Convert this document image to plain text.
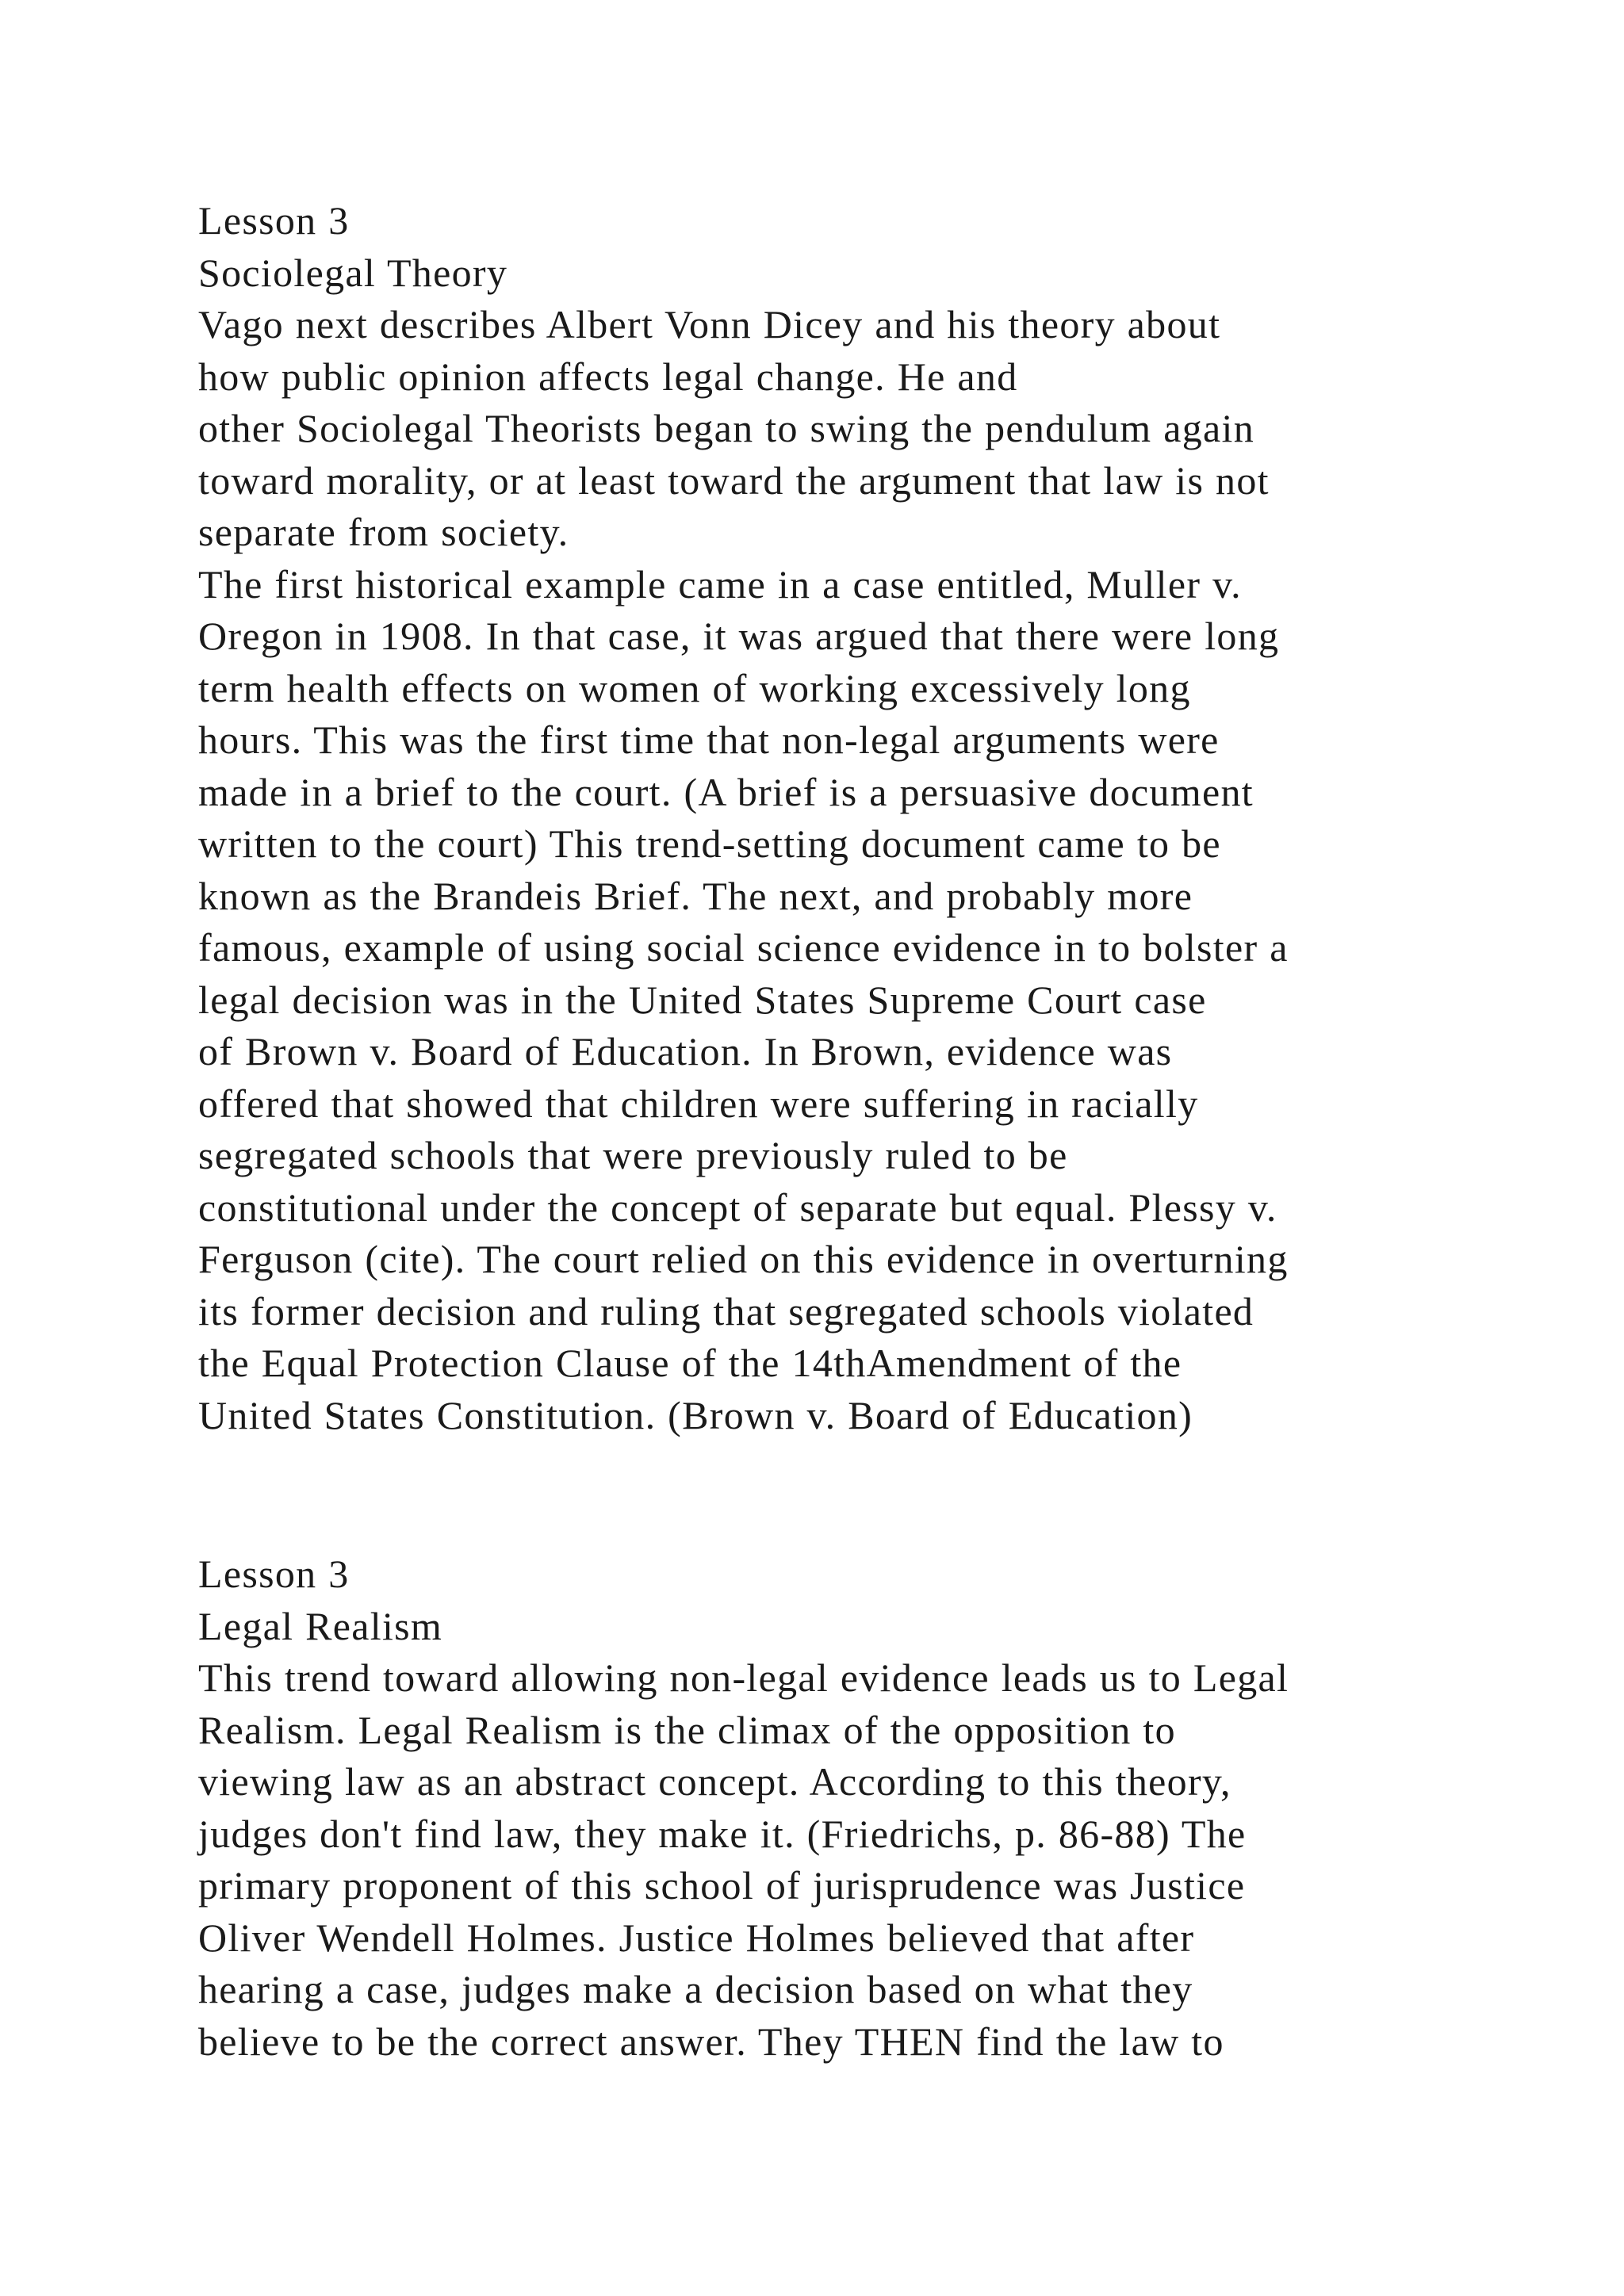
Lesson 3
Sociolegal Theory
Vago next describes Albert Vonn Dicey and his theory about
how public opinion affects legal change. He and
other Sociolegal Theorists began to swing the pendulum again
toward morality, or at least toward the argument that law is not
separate from society.
The first historical example came in a case entitled, Muller v.
Oregon in 1908. In that case, it was argued that there were long
term health effects on women of working excessively long
hours. This was the first time that non-legal arguments were
made in a brief to the court. (A brief is a persuasive document
written to the court) This trend-setting document came to be
known as the Brandeis Brief. The next, and probably more
famous, example of using social science evidence in to bolster a
legal decision was in the United States Supreme Court case
of Brown v. Board of Education. In Brown, evidence was
offered that showed that children were suffering in racially
segregated schools that were previously ruled to be
constitutional under the concept of separate but equal. Plessy v.
Ferguson (cite). The court relied on this evidence in overturning
its former decision and ruling that segregated schools violated
the Equal Protection Clause of the 14thAmendment of the
United States Constitution. (Brown v. Board of Education)
Lesson 3
Legal Realism
This trend toward allowing non-legal evidence leads us to Legal
Realism. Legal Realism is the climax of the opposition to
viewing law as an abstract concept. According to this theory,
judges don't find law, they make it. (Friedrichs, p. 86-88) The
primary proponent of this school of jurisprudence was Justice
Oliver Wendell Holmes. Justice Holmes believed that after
hearing a case, judges make a decision based on what they
believe to be the correct answer. They THEN find the law to
